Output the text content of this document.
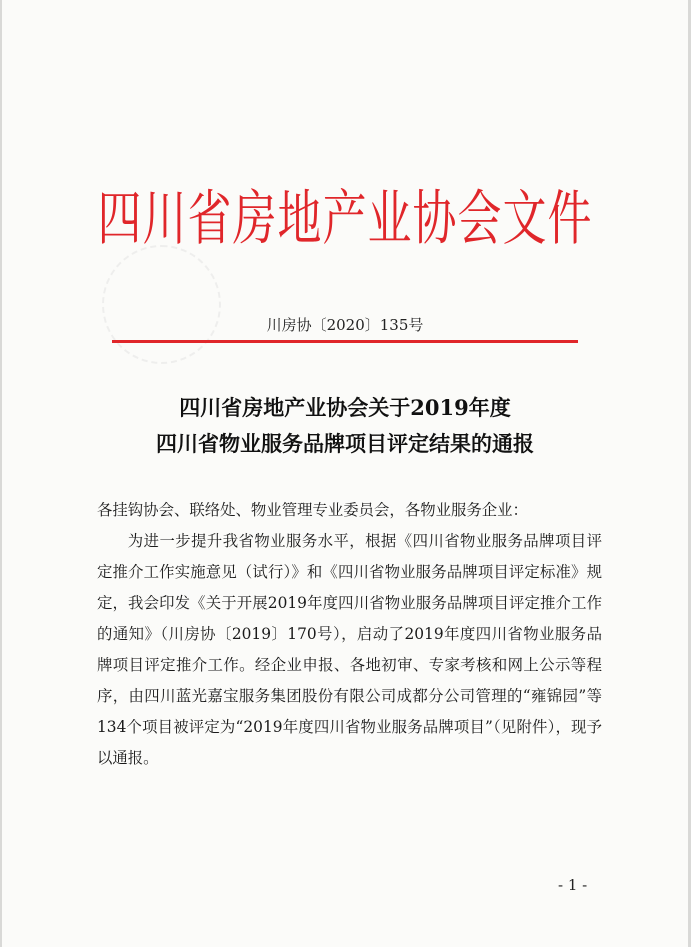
四川省房地产业协会文件
川房协〔2020〕135号
四川省房地产业协会关于2019年度
四川省物业服务品牌项目评定结果的通报

各挂钩协会、联络处、物业管理专业委员会，各物业服务企业：

为进一步提升我省物业服务水平，根据《四川省物业服务品牌项目评定推介工作实施意见（试行）》和《四川省物业服务品牌项目评定标准》规定，我会印发《关于开展2019年度四川省物业服务品牌项目评定推介工作的通知》（川房协〔2019〕170号），启动了2019年度四川省物业服务品牌项目评定推介工作。经企业申报、各地初审、专家考核和网上公示等程序，由四川蓝光嘉宝服务集团股份有限公司成都分公司管理的“雍锦园”等134个项目被评定为“2019年度四川省物业服务品牌项目”（见附件），现予以通报。

- 1 -
